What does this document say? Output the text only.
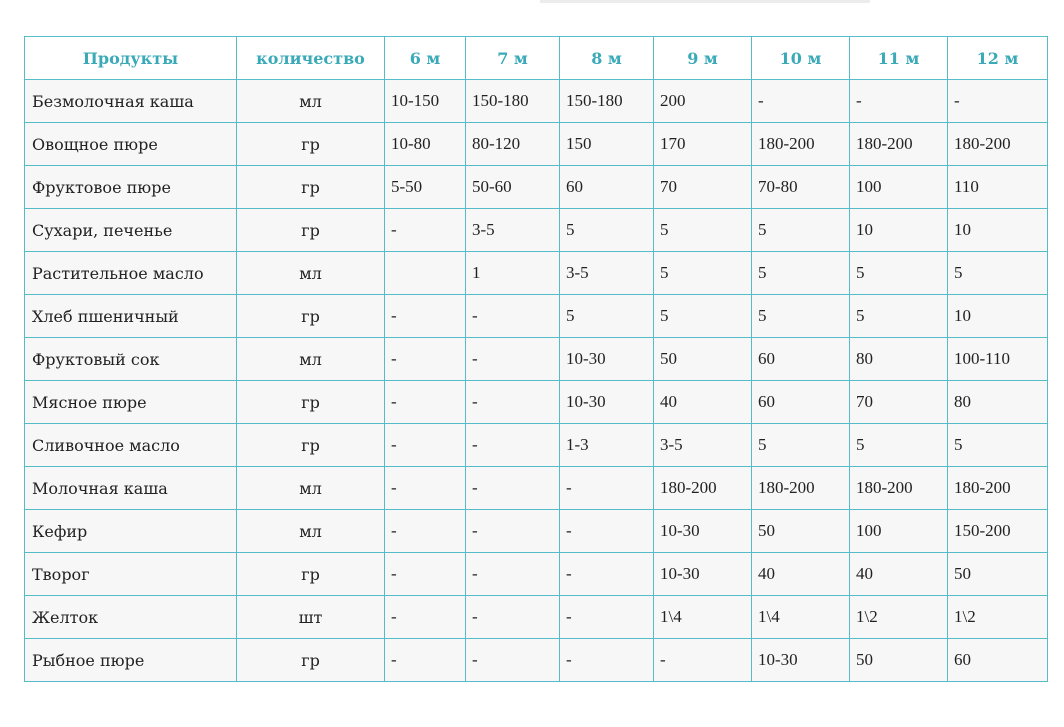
Продукты	количество	6 м	7 м	8 м	9 м	10 м	11 м	12 м
Безмолочная каша	мл	10-150	150-180	150-180	200	-	-	-
Овощное пюре	гр	10-80	80-120	150	170	180-200	180-200	180-200
Фруктовое пюре	гр	5-50	50-60	60	70	70-80	100	110
Сухари, печенье	гр	-	3-5	5	5	5	10	10
Растительное масло	мл		1	3-5	5	5	5	5
Хлеб пшеничный	гр	-	-	5	5	5	5	10
Фруктовый сок	мл	-	-	10-30	50	60	80	100-110
Мясное пюре	гр	-	-	10-30	40	60	70	80
Сливочное масло	гр	-	-	1-3	3-5	5	5	5
Молочная каша	мл	-	-	-	180-200	180-200	180-200	180-200
Кефир	мл	-	-	-	10-30	50	100	150-200
Творог	гр	-	-	-	10-30	40	40	50
Желток	шт	-	-	-	1\4	1\4	1\2	1\2
Рыбное пюре	гр	-	-	-	-	10-30	50	60
